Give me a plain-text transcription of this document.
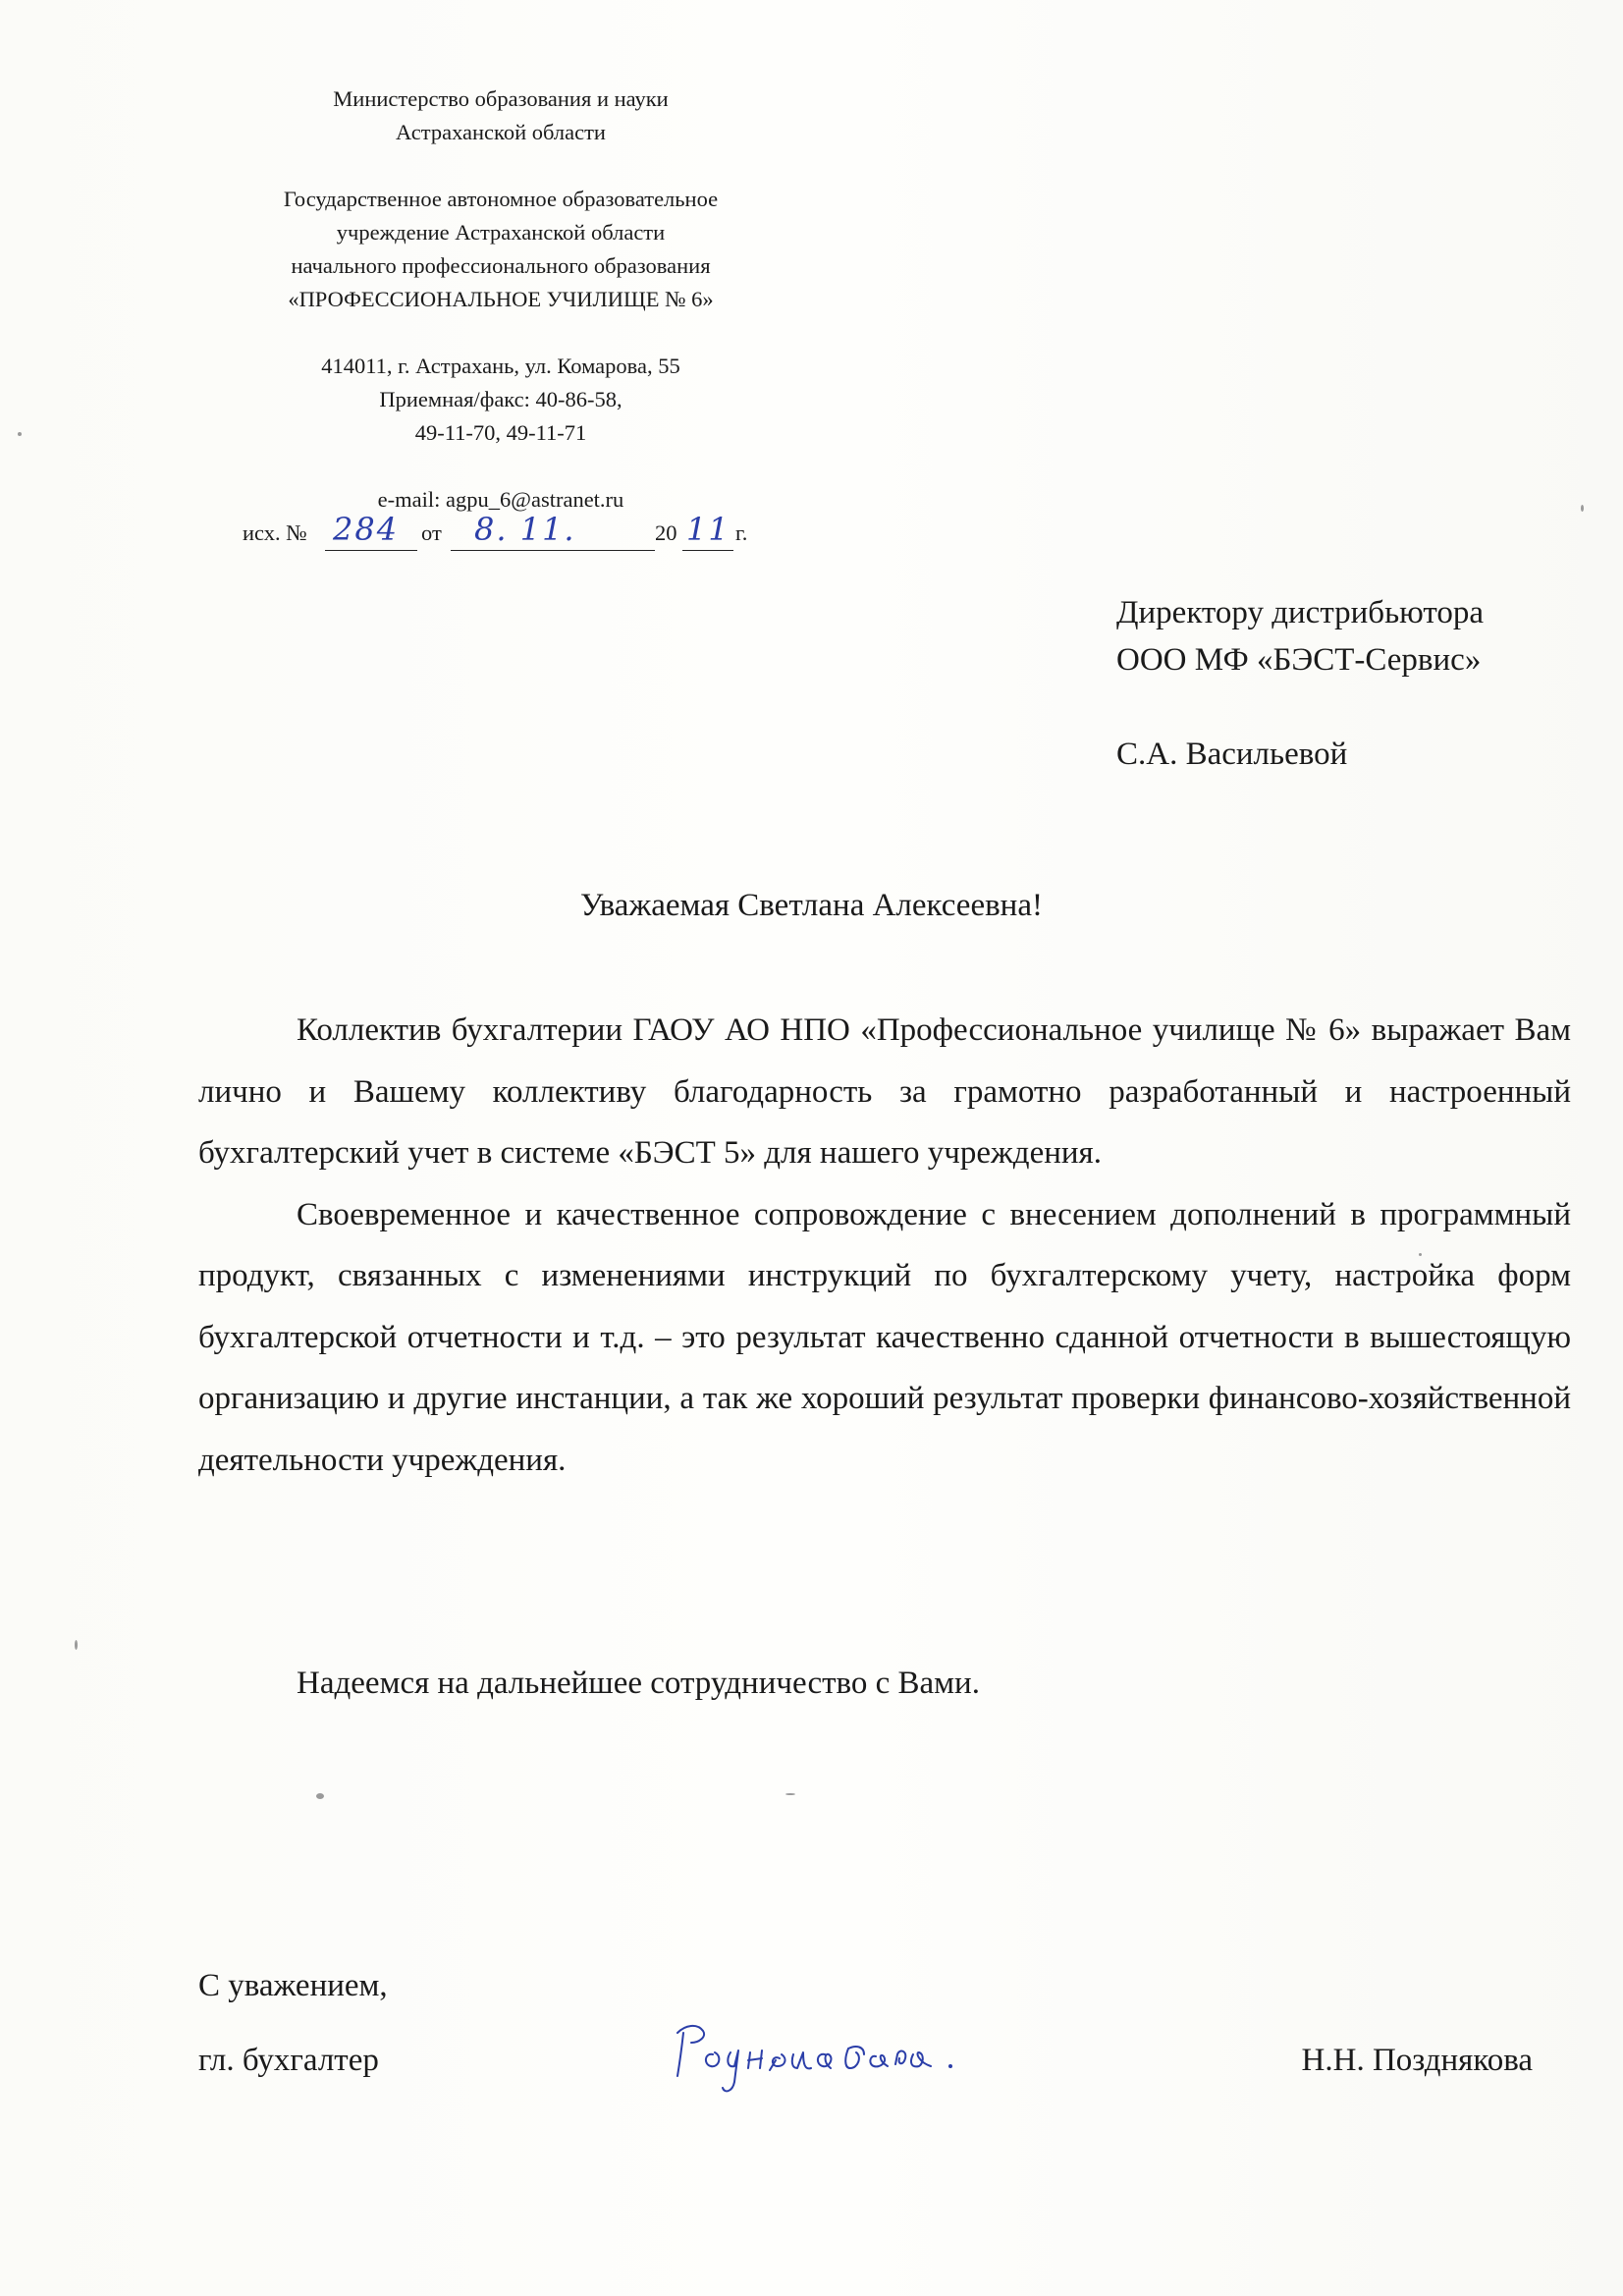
Министерство образования и науки
Астраханской области
Государственное автономное образовательное
учреждение Астраханской области
начального профессионального образования
«ПРОФЕССИОНАЛЬНОЕ УЧИЛИЩЕ № 6»
414011, г. Астрахань, ул. Комарова, 55
Приемная/факс: 40-86-58,
49-11-70, 49-11-71
e-mail: agpu_6@astranet.ru
исх. № 284 от 8. 11.	20 11 г.
Директору дистрибьютора
ООО МФ «БЭСТ-Сервис»
С.А. Васильевой
Уважаемая Светлана Алексеевна!

Коллектив бухгалтерии ГАОУ АО НПО «Профессиональное училище № 6» выражает Вам лично и Вашему коллективу благодарность за грамотно разработанный и настроенный бухгалтерский учет в системе «БЭСТ 5» для нашего учреждения.

Своевременное и качественное сопровождение с внесением дополнений в программный продукт, связанных с изменениями инструкций по бухгалтерскому учету, настройка форм бухгалтерской отчетности и т.д. – это результат качественно сданной отчетности в вышестоящую организацию и другие инстанции, а так же хороший результат проверки финансово-хозяйственной деятельности учреждения.

Надеемся на дальнейшее сотрудничество с Вами.
С уважением,
гл. бухгалтер	Н.Н. Позднякова
